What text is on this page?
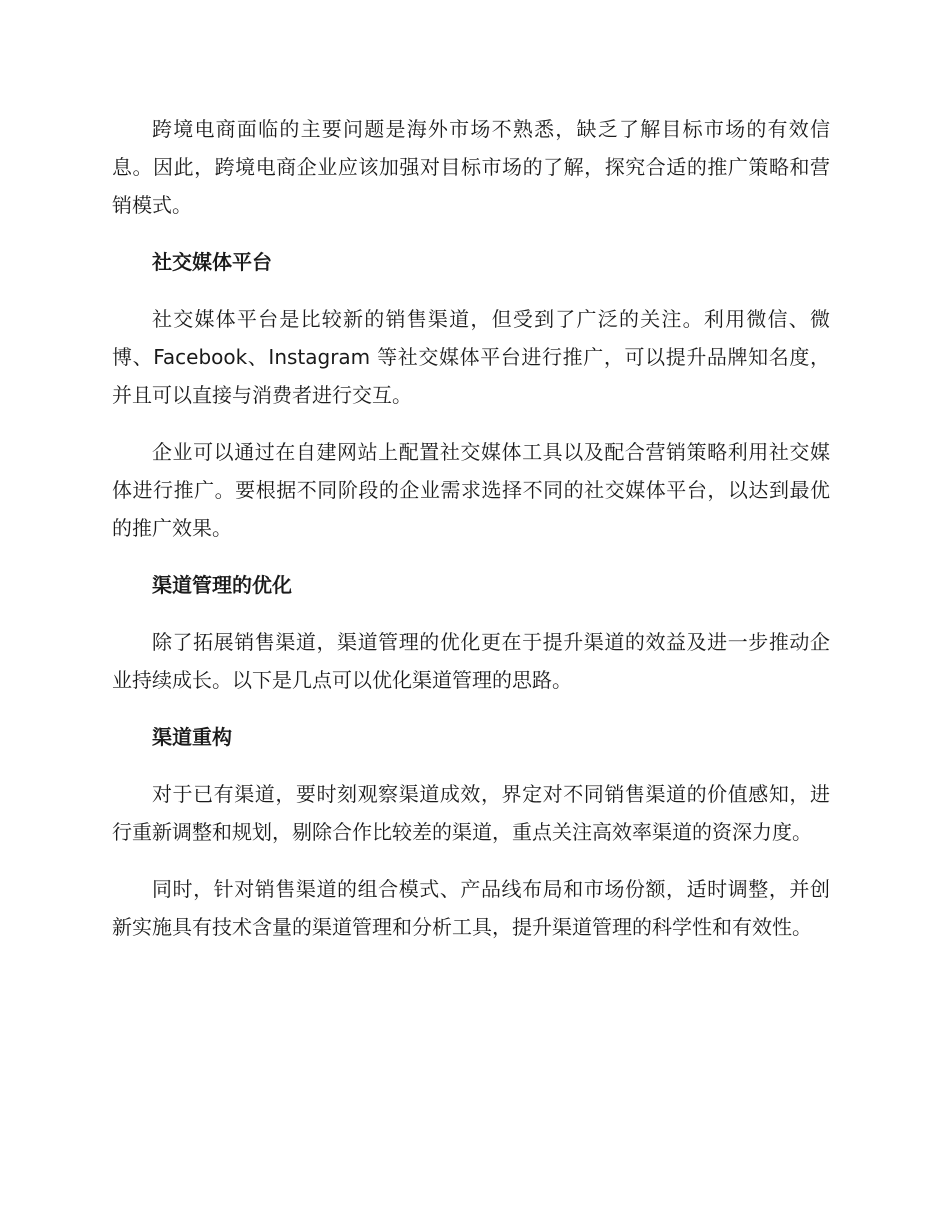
跨境电商面临的主要问题是海外市场不熟悉，缺乏了解目标市场的有效信息。因此，跨境电商企业应该加强对目标市场的了解，探究合适的推广策略和营销模式。

社交媒体平台

社交媒体平台是比较新的销售渠道，但受到了广泛的关注。利用微信、微博、Facebook、Instagram 等社交媒体平台进行推广，可以提升品牌知名度，并且可以直接与消费者进行交互。

企业可以通过在自建网站上配置社交媒体工具以及配合营销策略利用社交媒体进行推广。要根据不同阶段的企业需求选择不同的社交媒体平台，以达到最优的推广效果。

渠道管理的优化

除了拓展销售渠道，渠道管理的优化更在于提升渠道的效益及进一步推动企业持续成长。以下是几点可以优化渠道管理的思路。

渠道重构

对于已有渠道，要时刻观察渠道成效，界定对不同销售渠道的价值感知，进行重新调整和规划，剔除合作比较差的渠道，重点关注高效率渠道的资深力度。

同时，针对销售渠道的组合模式、产品线布局和市场份额，适时调整，并创新实施具有技术含量的渠道管理和分析工具，提升渠道管理的科学性和有效性。
